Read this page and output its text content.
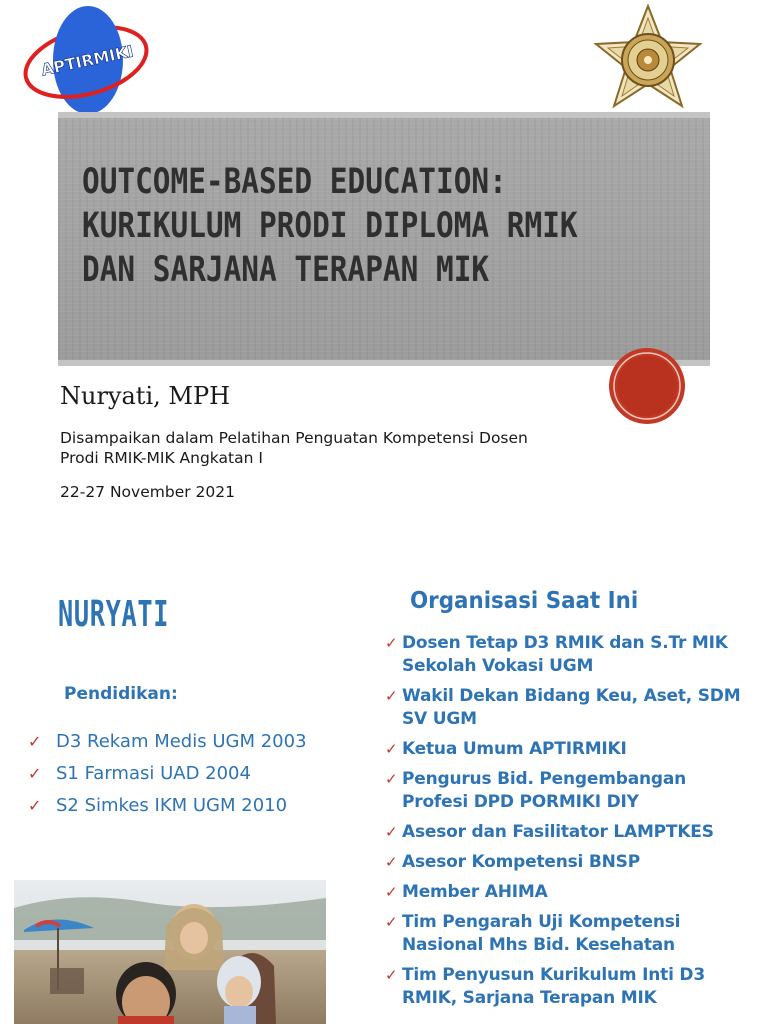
APTIRMIKI
OUTCOME-BASED EDUCATION:
KURIKULUM PRODI DIPLOMA RMIK
DAN SARJANA TERAPAN MIK

Nuryati, MPH

Disampaikan dalam Pelatihan Penguatan Kompetensi Dosen
Prodi RMIK-MIK Angkatan I

22-27 November 2021

NURYATI
Pendidikan:
✓ D3 Rekam Medis UGM 2003
✓ S1 Farmasi UAD 2004
✓ S2 Simkes IKM UGM 2010
Organisasi Saat Ini
✓ Dosen Tetap D3 RMIK dan S.Tr MIK Sekolah Vokasi UGM
✓ Wakil Dekan Bidang Keu, Aset, SDM SV UGM
✓ Ketua Umum APTIRMIKI
✓ Pengurus Bid. Pengembangan Profesi DPD PORMIKI DIY
✓ Asesor dan Fasilitator LAMPTKES
✓ Asesor Kompetensi BNSP
✓ Member AHIMA
✓ Tim Pengarah Uji Kompetensi Nasional Mhs Bid. Kesehatan
✓ Tim Penyusun Kurikulum Inti D3 RMIK, Sarjana Terapan MIK
